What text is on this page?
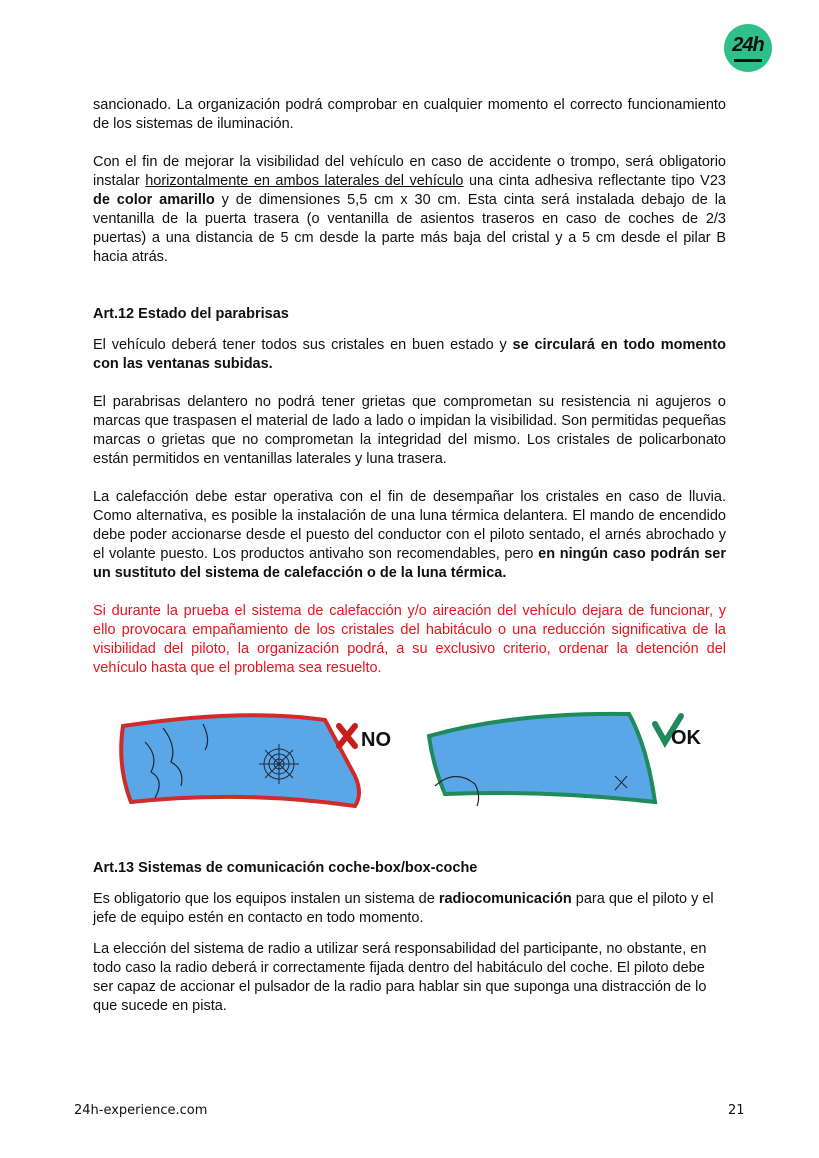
24h

sancionado. La organización podrá comprobar en cualquier momento el correcto funcionamiento de los sistemas de iluminación.

Con el fin de mejorar la visibilidad del vehículo en caso de accidente o trompo, será obligatorio instalar horizontalmente en ambos laterales del vehículo una cinta adhesiva reflectante tipo V23 de color amarillo y de dimensiones 5,5 cm x 30 cm. Esta cinta será instalada debajo de la ventanilla de la puerta trasera (o ventanilla de asientos traseros en caso de coches de 2/3 puertas) a una distancia de 5 cm desde la parte más baja del cristal y a 5 cm desde el pilar B hacia atrás.

Art.12 Estado del parabrisas

El vehículo deberá tener todos sus cristales en buen estado y se circulará en todo momento con las ventanas subidas.

El parabrisas delantero no podrá tener grietas que comprometan su resistencia ni agujeros o marcas que traspasen el material de lado a lado o impidan la visibilidad. Son permitidas pequeñas marcas o grietas que no comprometan la integridad del mismo. Los cristales de policarbonato están permitidos en ventanillas laterales y luna trasera.

La calefacción debe estar operativa con el fin de desempañar los cristales en caso de lluvia. Como alternativa, es posible la instalación de una luna térmica delantera. El mando de encendido debe poder accionarse desde el puesto del conductor con el piloto sentado, el arnés abrochado y el volante puesto. Los productos antivaho son recomendables, pero en ningún caso podrán ser un sustituto del sistema de calefacción o de la luna térmica.

Si durante la prueba el sistema de calefacción y/o aireación del vehículo dejara de funcionar, y ello provocara empañamiento de los cristales del habitáculo o una reducción significativa de la visibilidad del piloto, la organización podrá, a su exclusivo criterio, ordenar la detención del vehículo hasta que el problema sea resuelto.

NO	OK

Art.13 Sistemas de comunicación coche-box/box-coche

Es obligatorio que los equipos instalen un sistema de radiocomunicación para que el piloto y el jefe de equipo estén en contacto en todo momento.

La elección del sistema de radio a utilizar será responsabilidad del participante, no obstante, en todo caso la radio deberá ir correctamente fijada dentro del habitáculo del coche. El piloto debe ser capaz de accionar el pulsador de la radio para hablar sin que suponga una distracción de lo que sucede en pista.

24h-experience.com	21
